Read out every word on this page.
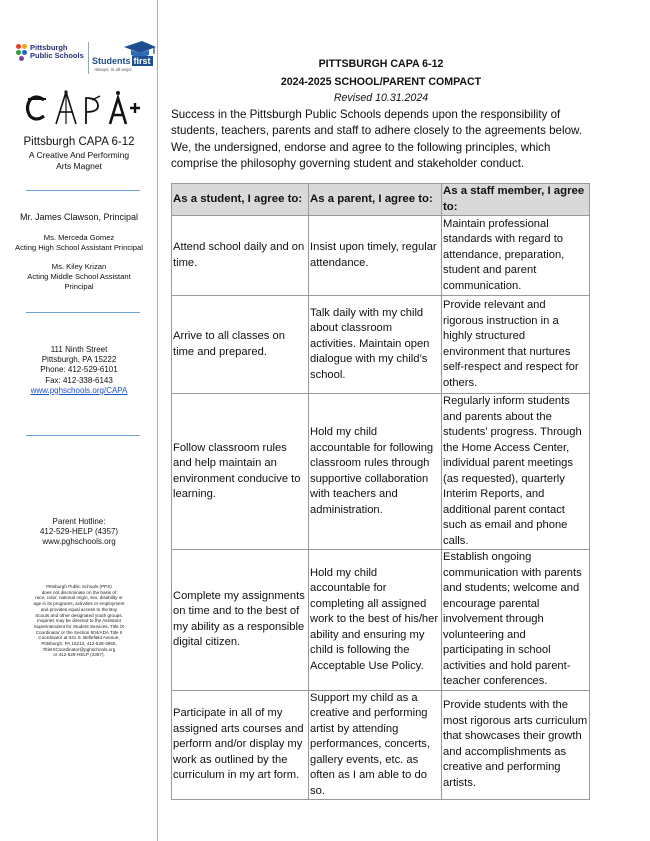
Pittsburgh
Public Schools
Students first
Always, in all ways
Pittsburgh CAPA 6-12
A Creative And Performing
Arts Magnet
Mr. James Clawson, Principal
Ms. Merceda Gomez
Acting High School Assistant Principal
Ms. Kiley Krizan
Acting Middle School Assistant
Principal
111 Ninth Street
Pittsburgh, PA 15222
Phone: 412-529-6101
Fax: 412-338-6143
www.pghschools.org/CAPA
Parent Hotline:
412-529-HELP (4357)
www.pghschools.org
Pittsburgh Public Schools (PPS)
does not discriminate on the basis of
race, color, national origin, sex, disability or
age in its programs, activities or employment
and provides equal access to the Boy
Scouts and other designated youth groups.
Inquiries may be directed to the Assistant
Superintendent for Student Services, Title IX
Coordinator or the Section 504/ADA Title II
Coordinator at 341 S. Bellefield Avenue,
Pittsburgh, PA 15213, 412-529-3950,
TitleIXCoordinator@pghschools.org
or 412-529-HELP (4357).
PITTSBURGH CAPA 6-12
2024-2025 SCHOOL/PARENT COMPACT
Revised 10.31.2024
Success in the Pittsburgh Public Schools depends upon the responsibility of students, teachers, parents and staff to adhere closely to the agreements below. We, the undersigned, endorse and agree to the following principles, which comprise the philosophy governing student and stakeholder conduct.
As a student, I agree to:	As a parent, I agree to:	As a staff member, I agree to:
Attend school daily and on time.	Insist upon timely, regular attendance.	Maintain professional standards with regard to attendance, preparation, student and parent communication.
Arrive to all classes on time and prepared.	Talk daily with my child about classroom activities. Maintain open dialogue with my child’s school.	Provide relevant and rigorous instruction in a highly structured environment that nurtures self-respect and respect for others.
Follow classroom rules and help maintain an environment conducive to learning.	Hold my child accountable for following classroom rules through supportive collaboration with teachers and administration.	Regularly inform students and parents about the students’ progress. Through the Home Access Center, individual parent meetings (as requested), quarterly Interim Reports, and additional parent contact such as email and phone calls.
Complete my assignments on time and to the best of my ability as a responsible digital citizen.	Hold my child accountable for completing all assigned work to the best of his/her ability and ensuring my child is following the Acceptable Use Policy.	Establish ongoing communication with parents and students; welcome and encourage parental involvement through volunteering and participating in school activities and hold parent-teacher conferences.
Participate in all of my assigned arts courses and perform and/or display my work as outlined by the curriculum in my art form.	Support my child as a creative and performing artist by attending performances, concerts, gallery events, etc. as often as I am able to do so.	Provide students with the most rigorous arts curriculum that showcases their growth and accomplishments as creative and performing artists.
